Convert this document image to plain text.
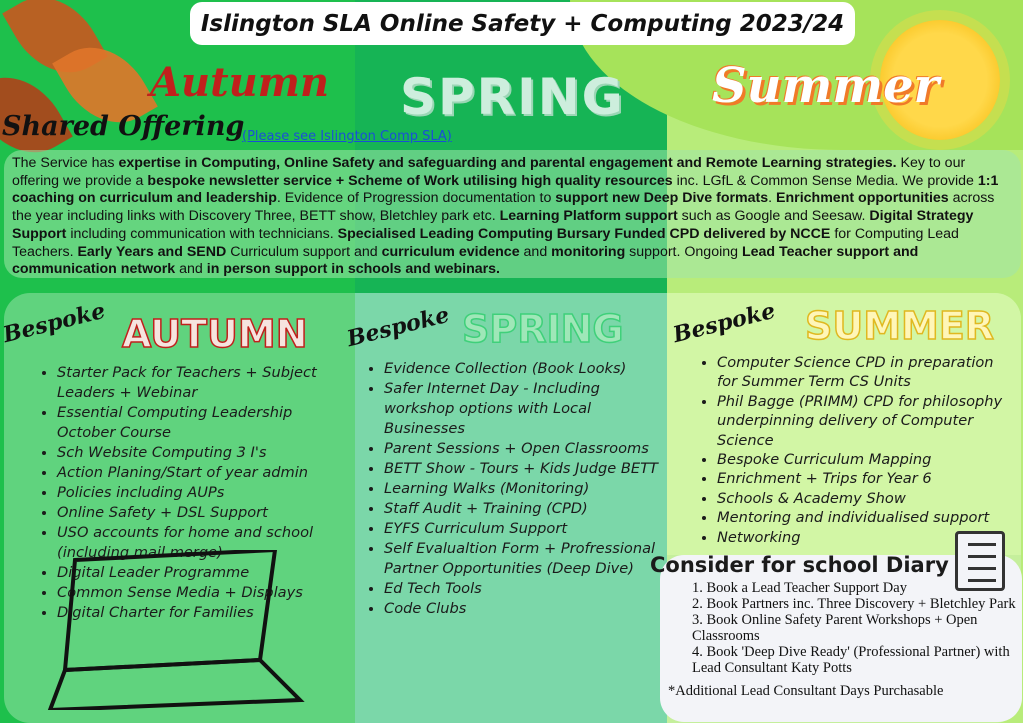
Islington SLA Online Safety + Computing 2023/24
Autumn SPRING Summer
Shared Offering
(Please see Islington Comp SLA)
The Service has expertise in Computing, Online Safety and safeguarding and parental engagement and Remote Learning strategies. Key to our offering we provide a bespoke newsletter service + Scheme of Work utilising high quality resources inc. LGfL & Common Sense Media. We provide 1:1 coaching on curriculum and leadership. Evidence of Progression documentation to support new Deep Dive formats. Enrichment opportunities across the year including links with Discovery Three, BETT show, Bletchley park etc. Learning Platform support such as Google and Seesaw. Digital Strategy Support including communication with technicians. Specialised Leading Computing Bursary Funded CPD delivered by NCCE for Computing Lead Teachers. Early Years and SEND Curriculum support and curriculum evidence and monitoring support. Ongoing Lead Teacher support and communication network and in person support in schools and webinars.
Bespoke	Bespoke	Bespoke
AUTUMN	SPRING	SUMMER
• Starter Pack for Teachers + Subject Leaders + Webinar
• Essential Computing Leadership October Course
• Sch Website Computing 3 I's
• Action Planing/Start of year admin
• Policies including AUPs
• Online Safety + DSL Support
• USO accounts for home and school (including mail merge)
• Digital Leader Programme
• Common Sense Media + Displays
• Digital Charter for Families
• Evidence Collection (Book Looks)
• Safer Internet Day - Including workshop options with Local Businesses
• Parent Sessions + Open Classrooms
• BETT Show - Tours + Kids Judge BETT
• Learning Walks (Monitoring)
• Staff Audit + Training (CPD)
• EYFS Curriculum Support
• Self Evalualtion Form + Profressional Partner Opportunities (Deep Dive)
• Ed Tech Tools
• Code Clubs
• Computer Science CPD in preparation for Summer Term CS Units
• Phil Bagge (PRIMM) CPD for philosophy underpinning delivery of Computer Science
• Bespoke Curriculum Mapping
• Enrichment + Trips for Year 6
• Schools & Academy Show
• Mentoring and individualised support
• Networking
Consider for school Diary
1. Book a Lead Teacher Support Day
2. Book Partners inc. Three Discovery + Bletchley Park
3. Book Online Safety Parent Workshops + Open Classrooms
4. Book 'Deep Dive Ready' (Professional Partner) with Lead Consultant Katy Potts
*Additional Lead Consultant Days Purchasable
